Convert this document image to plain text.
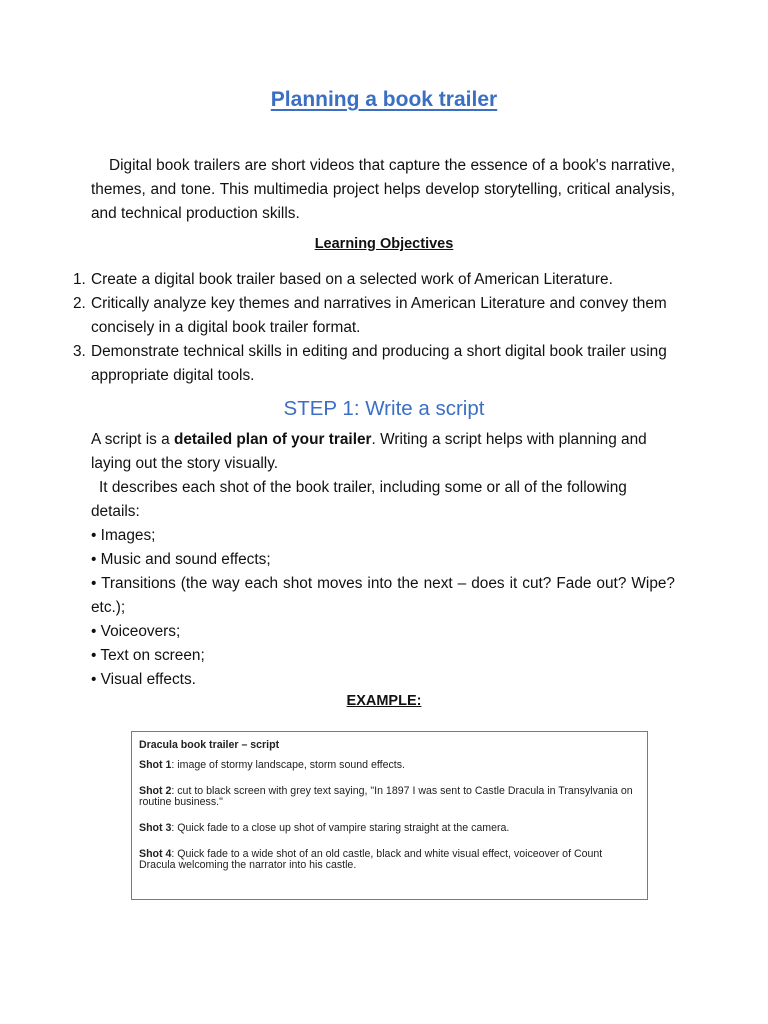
Planning a book trailer

Digital book trailers are short videos that capture the essence of a book's narrative, themes, and tone. This multimedia project helps develop storytelling, critical analysis, and technical production skills.

Learning Objectives
1. Create a digital book trailer based on a selected work of American Literature.
2. Critically analyze key themes and narratives in American Literature and convey them concisely in a digital book trailer format.
3. Demonstrate technical skills in editing and producing a short digital book trailer using appropriate digital tools.
STEP 1: Write a script

A script is a detailed plan of your trailer. Writing a script helps with planning and laying out the story visually.

It describes each shot of the book trailer, including some or all of the following details:

• Images;

• Music and sound effects;

• Transitions (the way each shot moves into the next – does it cut? Fade out? Wipe? etc.);

• Voiceovers;

• Text on screen;

• Visual effects.

EXAMPLE:
Dracula book trailer – script
Shot 1: image of stormy landscape, storm sound effects.
Shot 2: cut to black screen with grey text saying, "In 1897 I was sent to Castle Dracula in Transylvania on routine business."
Shot 3: Quick fade to a close up shot of vampire staring straight at the camera.
Shot 4: Quick fade to a wide shot of an old castle, black and white visual effect, voiceover of Count Dracula welcoming the narrator into his castle.
